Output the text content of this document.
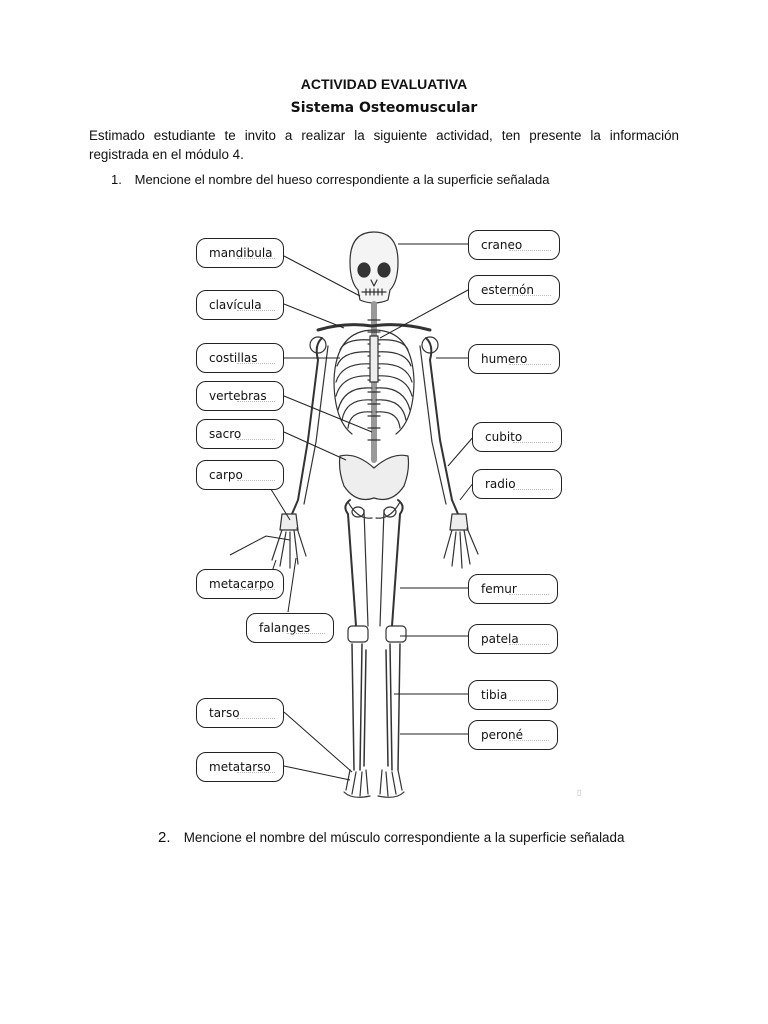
ACTIVIDAD EVALUATIVA
Sistema Osteomuscular
Estimado estudiante te invito a realizar la siguiente actividad, ten presente la información registrada en el módulo 4.
1. Mencione el nombre del hueso correspondiente a la superficie señalada
mandibula
clavícula
costillas
vertebras
sacro
carpo
metacarpo
falanges
tarso
metatarso
craneo
esternón
humero
cubito
radio
femur
patela
tibia
peroné
▯
2. Mencione el nombre del músculo correspondiente a la superficie señalada
